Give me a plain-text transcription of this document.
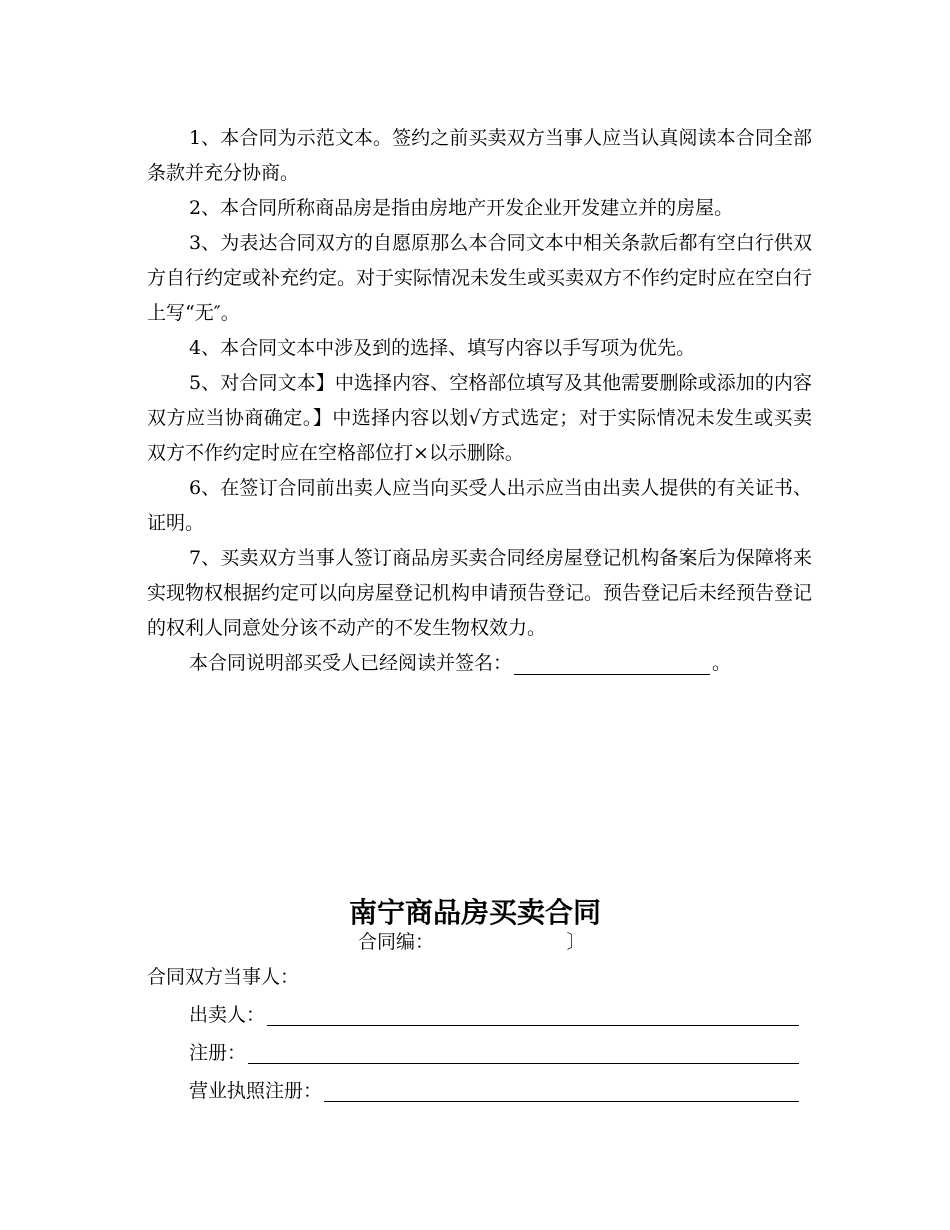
1、本合同为示范文本。签约之前买卖双方当事人应当认真阅读本合同全部条款并充分协商。

2、本合同所称商品房是指由房地产开发企业开发建立并的房屋。

3、为表达合同双方的自愿原那么本合同文本中相关条款后都有空白行供双方自行约定或补充约定。对于实际情况未发生或买卖双方不作约定时应在空白行上写“无″。

4、本合同文本中涉及到的选择、填写内容以手写项为优先。

5、对合同文本】中选择内容、空格部位填写及其他需要删除或添加的内容双方应当协商确定。】中选择内容以划√方式选定；对于实际情况未发生或买卖双方不作约定时应在空格部位打×以示删除。

6、在签订合同前出卖人应当向买受人出示应当由出卖人提供的有关证书、证明。

7、买卖双方当事人签订商品房买卖合同经房屋登记机构备案后为保障将来实现物权根据约定可以向房屋登记机构申请预告登记。预告登记后未经预告登记的权利人同意处分该不动产的不发生物权效力。

本合同说明部买受人已经阅读并签名：	。

南宁商品房买卖合同
合同编：	〕
合同双方当事人：
出卖人：
注册：
营业执照注册：
